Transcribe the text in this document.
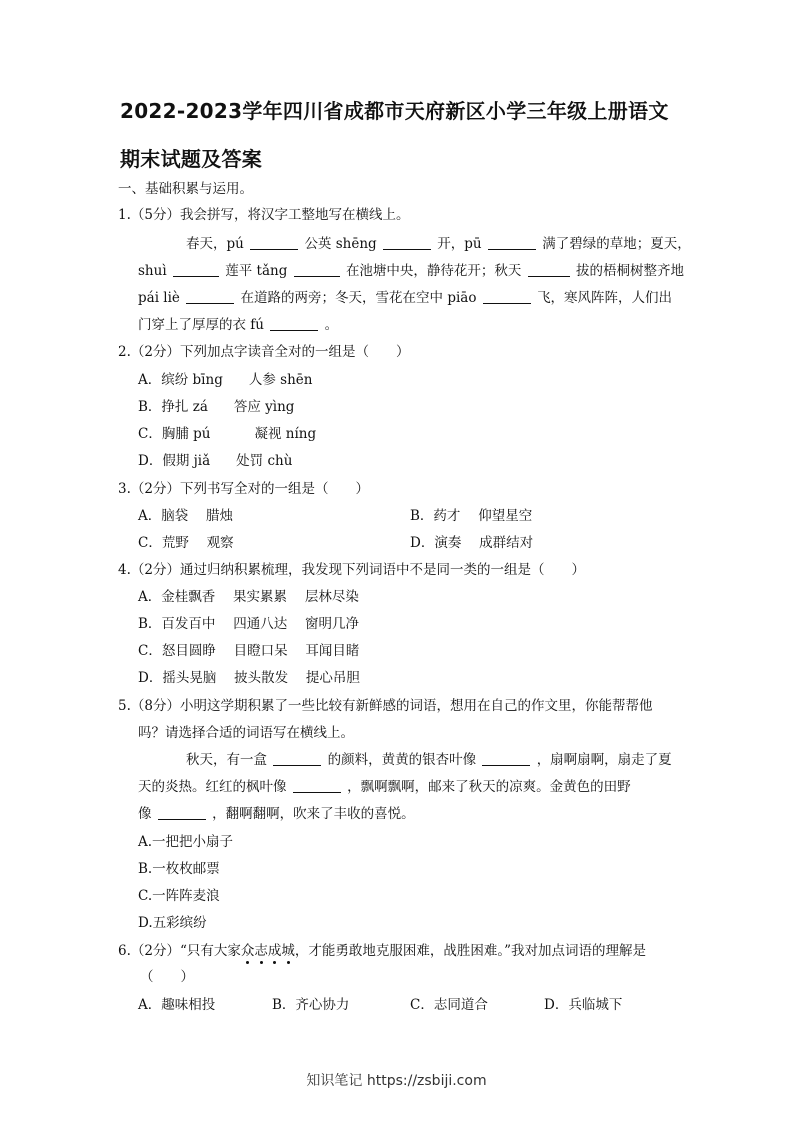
2022-2023学年四川省成都市天府新区小学三年级上册语文
期末试题及答案
一、基础积累与运用。
1.（5分）我会拼写，将汉字工整地写在横线上。
春天，pú	公英 shēng	开，pū	满了碧绿的草地；夏天，
shuì	莲平 tǎng	在池塘中央，静待花开；秋天	拔的梧桐树整齐地
pái liè	在道路的两旁；冬天，雪花在空中 piāo	飞，寒风阵阵，人们出
门穿上了厚厚的衣 fú	。
2.（2分）下列加点字读音全对的一组是（　　）
A．缤纷 bīng 人参 shēn
B．挣扎 zá 答应 yìng
C．胸脯 pú	凝视 níng
D．假期 jiǎ 处罚 chù
3.（2分）下列书写全对的一组是（　　）
A．脑袋　 腊烛	B．药才　 仰望星空
C．荒野　 观察	D．演奏　 成群结对
4.（2分）通过归纳积累梳理，我发现下列词语中不是同一类的一组是（　　）
A．金桂飘香　 果实累累　 层林尽染
B．百发百中　 四通八达　 窗明几净
C．怒目圆睁　 目瞪口呆　 耳闻目睹
D．摇头晃脑　 披头散发　 提心吊胆
5.（8分）小明这学期积累了一些比较有新鲜感的词语，想用在自己的作文里，你能帮帮他
吗？请选择合适的词语写在横线上。
秋天，有一盒	的颜料，黄黄的银杏叶像	，扇啊扇啊，扇走了夏
天的炎热。红红的枫叶像	，飘啊飘啊，邮来了秋天的凉爽。金黄色的田野
像	，翻啊翻啊，吹来了丰收的喜悦。
A.一把把小扇子
B.一枚枚邮票
C.一阵阵麦浪
D.五彩缤纷
6.（2分）“只有大家众志成城，才能勇敢地克服困难，战胜困难。”我对加点词语的理解是
（　　）
A．趣味相投	B．齐心协力	C．志同道合	D．兵临城下
知识笔记 https://zsbiji.com
